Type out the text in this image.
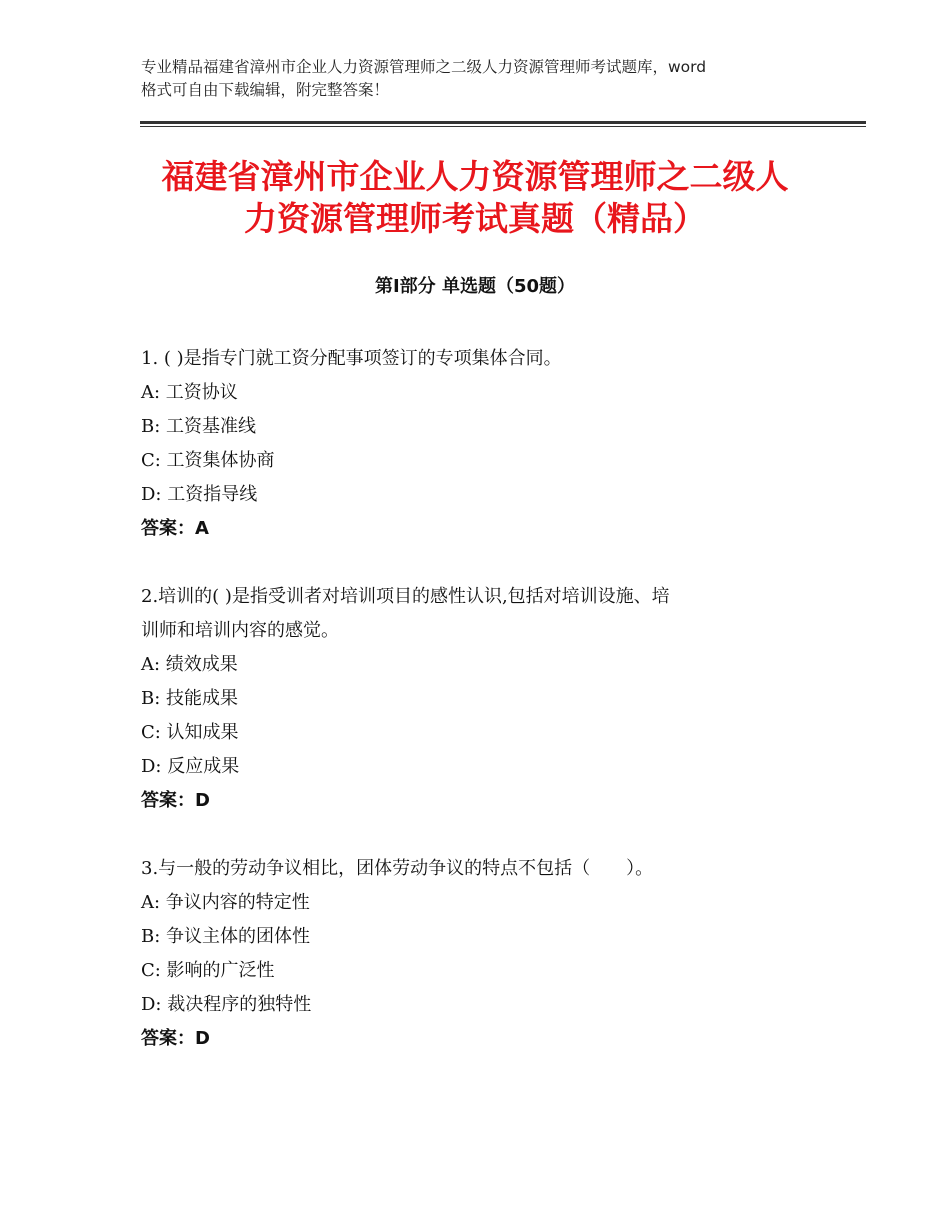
专业精品福建省漳州市企业人力资源管理师之二级人力资源管理师考试题库，word
格式可自由下载编辑，附完整答案！
福建省漳州市企业人力资源管理师之二级人
力资源管理师考试真题（精品）
第Ⅰ部分 单选题（50题）
1. ( )是指专门就工资分配事项签订的专项集体合同。
A: 工资协议
B: 工资基准线
C: 工资集体协商
D: 工资指导线
答案：A
2.培训的( )是指受训者对培训项目的感性认识,包括对培训设施、培
训师和培训内容的感觉。
A: 绩效成果
B: 技能成果
C: 认知成果
D: 反应成果
答案：D
3.与一般的劳动争议相比，团体劳动争议的特点不包括（　　）。
A: 争议内容的特定性
B: 争议主体的团体性
C: 影响的广泛性
D: 裁决程序的独特性
答案：D
